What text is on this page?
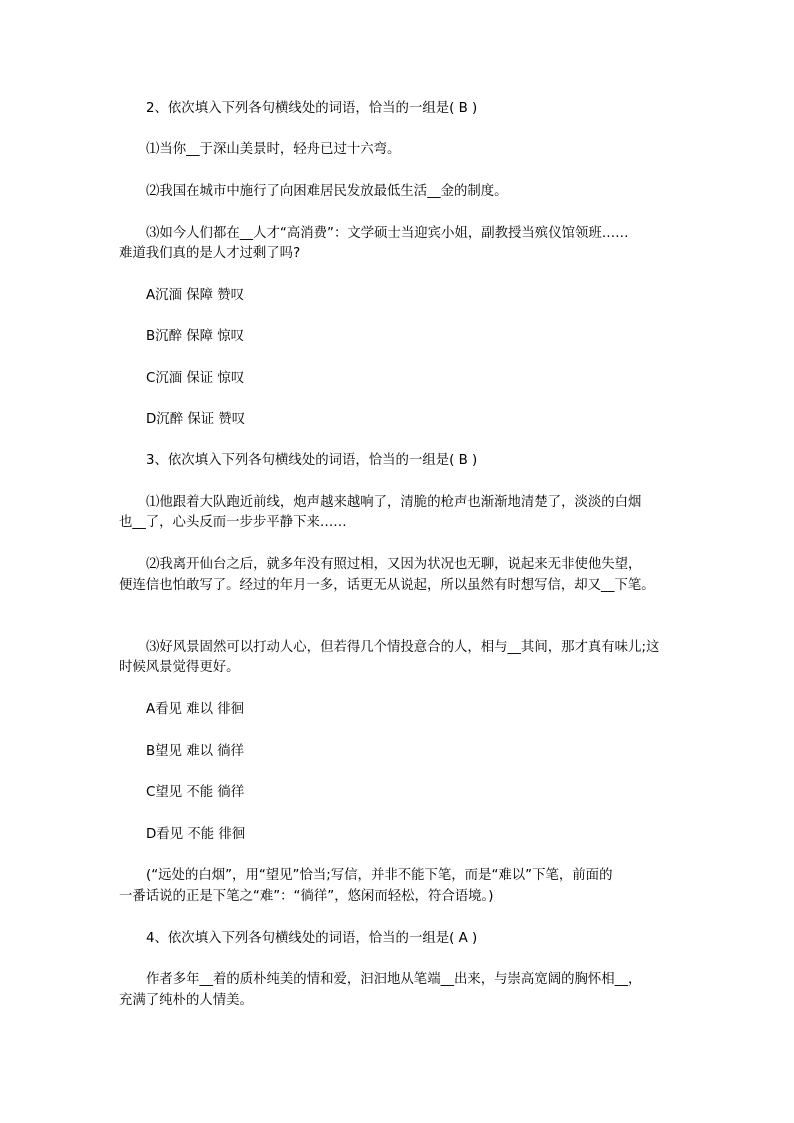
2、依次填入下列各句横线处的词语，恰当的一组是( B )
⑴当你__于深山美景时，轻舟已过十六弯。
⑵我国在城市中施行了向困难居民发放最低生活__金的制度。
⑶如今人们都在__人才“高消费”：文学硕士当迎宾小姐，副教授当殡仪馆领班……
难道我们真的是人才过剩了吗?
A沉湎 保障 赞叹
B沉醉 保障 惊叹
C沉湎 保证 惊叹
D沉醉 保证 赞叹
3、依次填入下列各句横线处的词语，恰当的一组是( B )
⑴他跟着大队跑近前线，炮声越来越响了，清脆的枪声也渐渐地清楚了，淡淡的白烟
也__了，心头反而一步步平静下来……
⑵我离开仙台之后，就多年没有照过相，又因为状况也无聊，说起来无非使他失望，
便连信也怕敢写了。经过的年月一多，话更无从说起，所以虽然有时想写信，却又__下笔。
⑶好风景固然可以打动人心，但若得几个情投意合的人，相与__其间，那才真有味儿;这
时候风景觉得更好。
A看见 难以 徘徊
B望见 难以 徜徉
C望见 不能 徜徉
D看见 不能 徘徊
(“远处的白烟”，用“望见”恰当;写信，并非不能下笔，而是“难以”下笔，前面的
一番话说的正是下笔之“难”：“徜徉”，悠闲而轻松，符合语境。)
4、依次填入下列各句横线处的词语，恰当的一组是( A )
作者多年__着的质朴纯美的情和爱，汩汩地从笔端__出来，与崇高宽阔的胸怀相__，
充满了纯朴的人情美。
